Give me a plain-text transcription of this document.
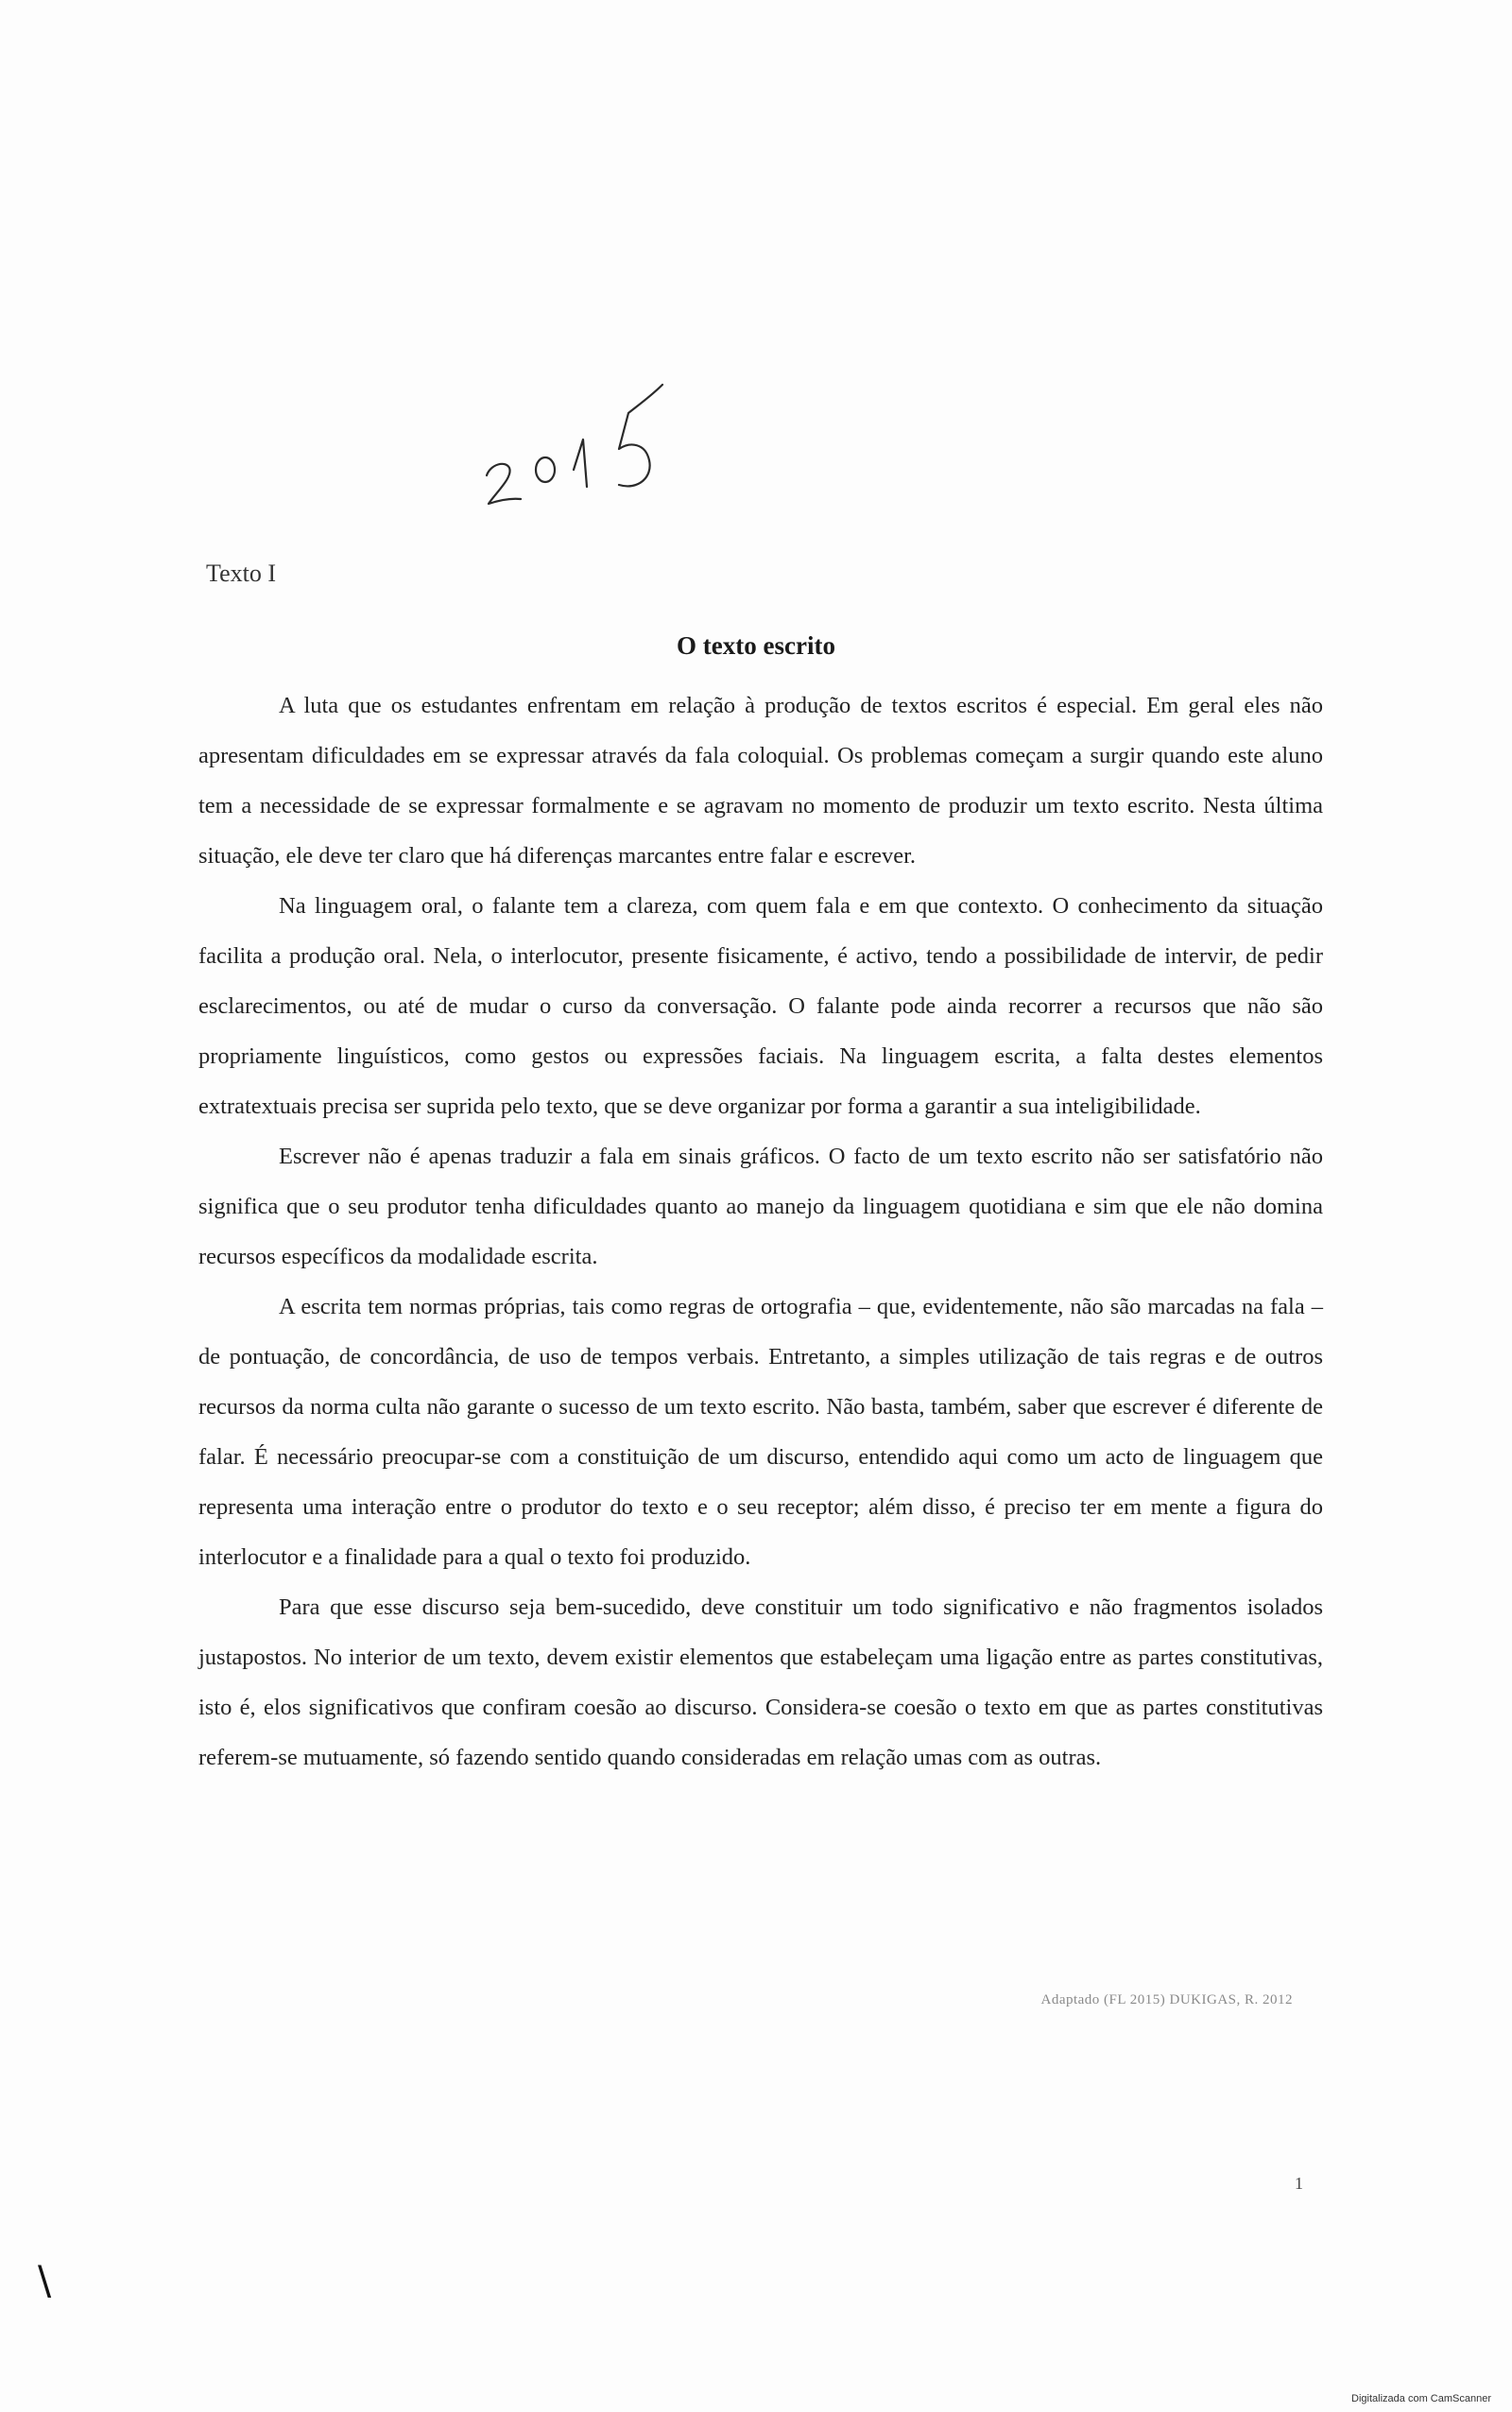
Texto I
O texto escrito

A luta que os estudantes enfrentam em relação à produção de textos escritos é especial. Em geral eles não apresentam dificuldades em se expressar através da fala coloquial. Os problemas começam a surgir quando este aluno tem a necessidade de se expressar formalmente e se agravam no momento de produzir um texto escrito. Nesta última situação, ele deve ter claro que há diferenças marcantes entre falar e escrever.

Na linguagem oral, o falante tem a clareza, com quem fala e em que contexto. O conhecimento da situação facilita a produção oral. Nela, o interlocutor, presente fisicamente, é activo, tendo a possibilidade de intervir, de pedir esclarecimentos, ou até de mudar o curso da conversação. O falante pode ainda recorrer a recursos que não são propriamente linguísticos, como gestos ou expressões faciais. Na linguagem escrita, a falta destes elementos extratextuais precisa ser suprida pelo texto, que se deve organizar por forma a garantir a sua inteligibilidade.

Escrever não é apenas traduzir a fala em sinais gráficos. O facto de um texto escrito não ser satisfatório não significa que o seu produtor tenha dificuldades quanto ao manejo da linguagem quotidiana e sim que ele não domina recursos específicos da modalidade escrita.

A escrita tem normas próprias, tais como regras de ortografia – que, evidentemente, não são marcadas na fala – de pontuação, de concordância, de uso de tempos verbais. Entretanto, a simples utilização de tais regras e de outros recursos da norma culta não garante o sucesso de um texto escrito. Não basta, também, saber que escrever é diferente de falar. É necessário preocupar-se com a constituição de um discurso, entendido aqui como um acto de linguagem que representa uma interação entre o produtor do texto e o seu receptor; além disso, é preciso ter em mente a figura do interlocutor e a finalidade para a qual o texto foi produzido.

Para que esse discurso seja bem-sucedido, deve constituir um todo significativo e não fragmentos isolados justapostos. No interior de um texto, devem existir elementos que estabeleçam uma ligação entre as partes constitutivas, isto é, elos significativos que confiram coesão ao discurso. Considera-se coesão o texto em que as partes constitutivas referem-se mutuamente, só fazendo sentido quando consideradas em relação umas com as outras.

Adaptado (FL 2015) DUKIGAS, R. 2012
1
\
Digitalizada com CamScanner
